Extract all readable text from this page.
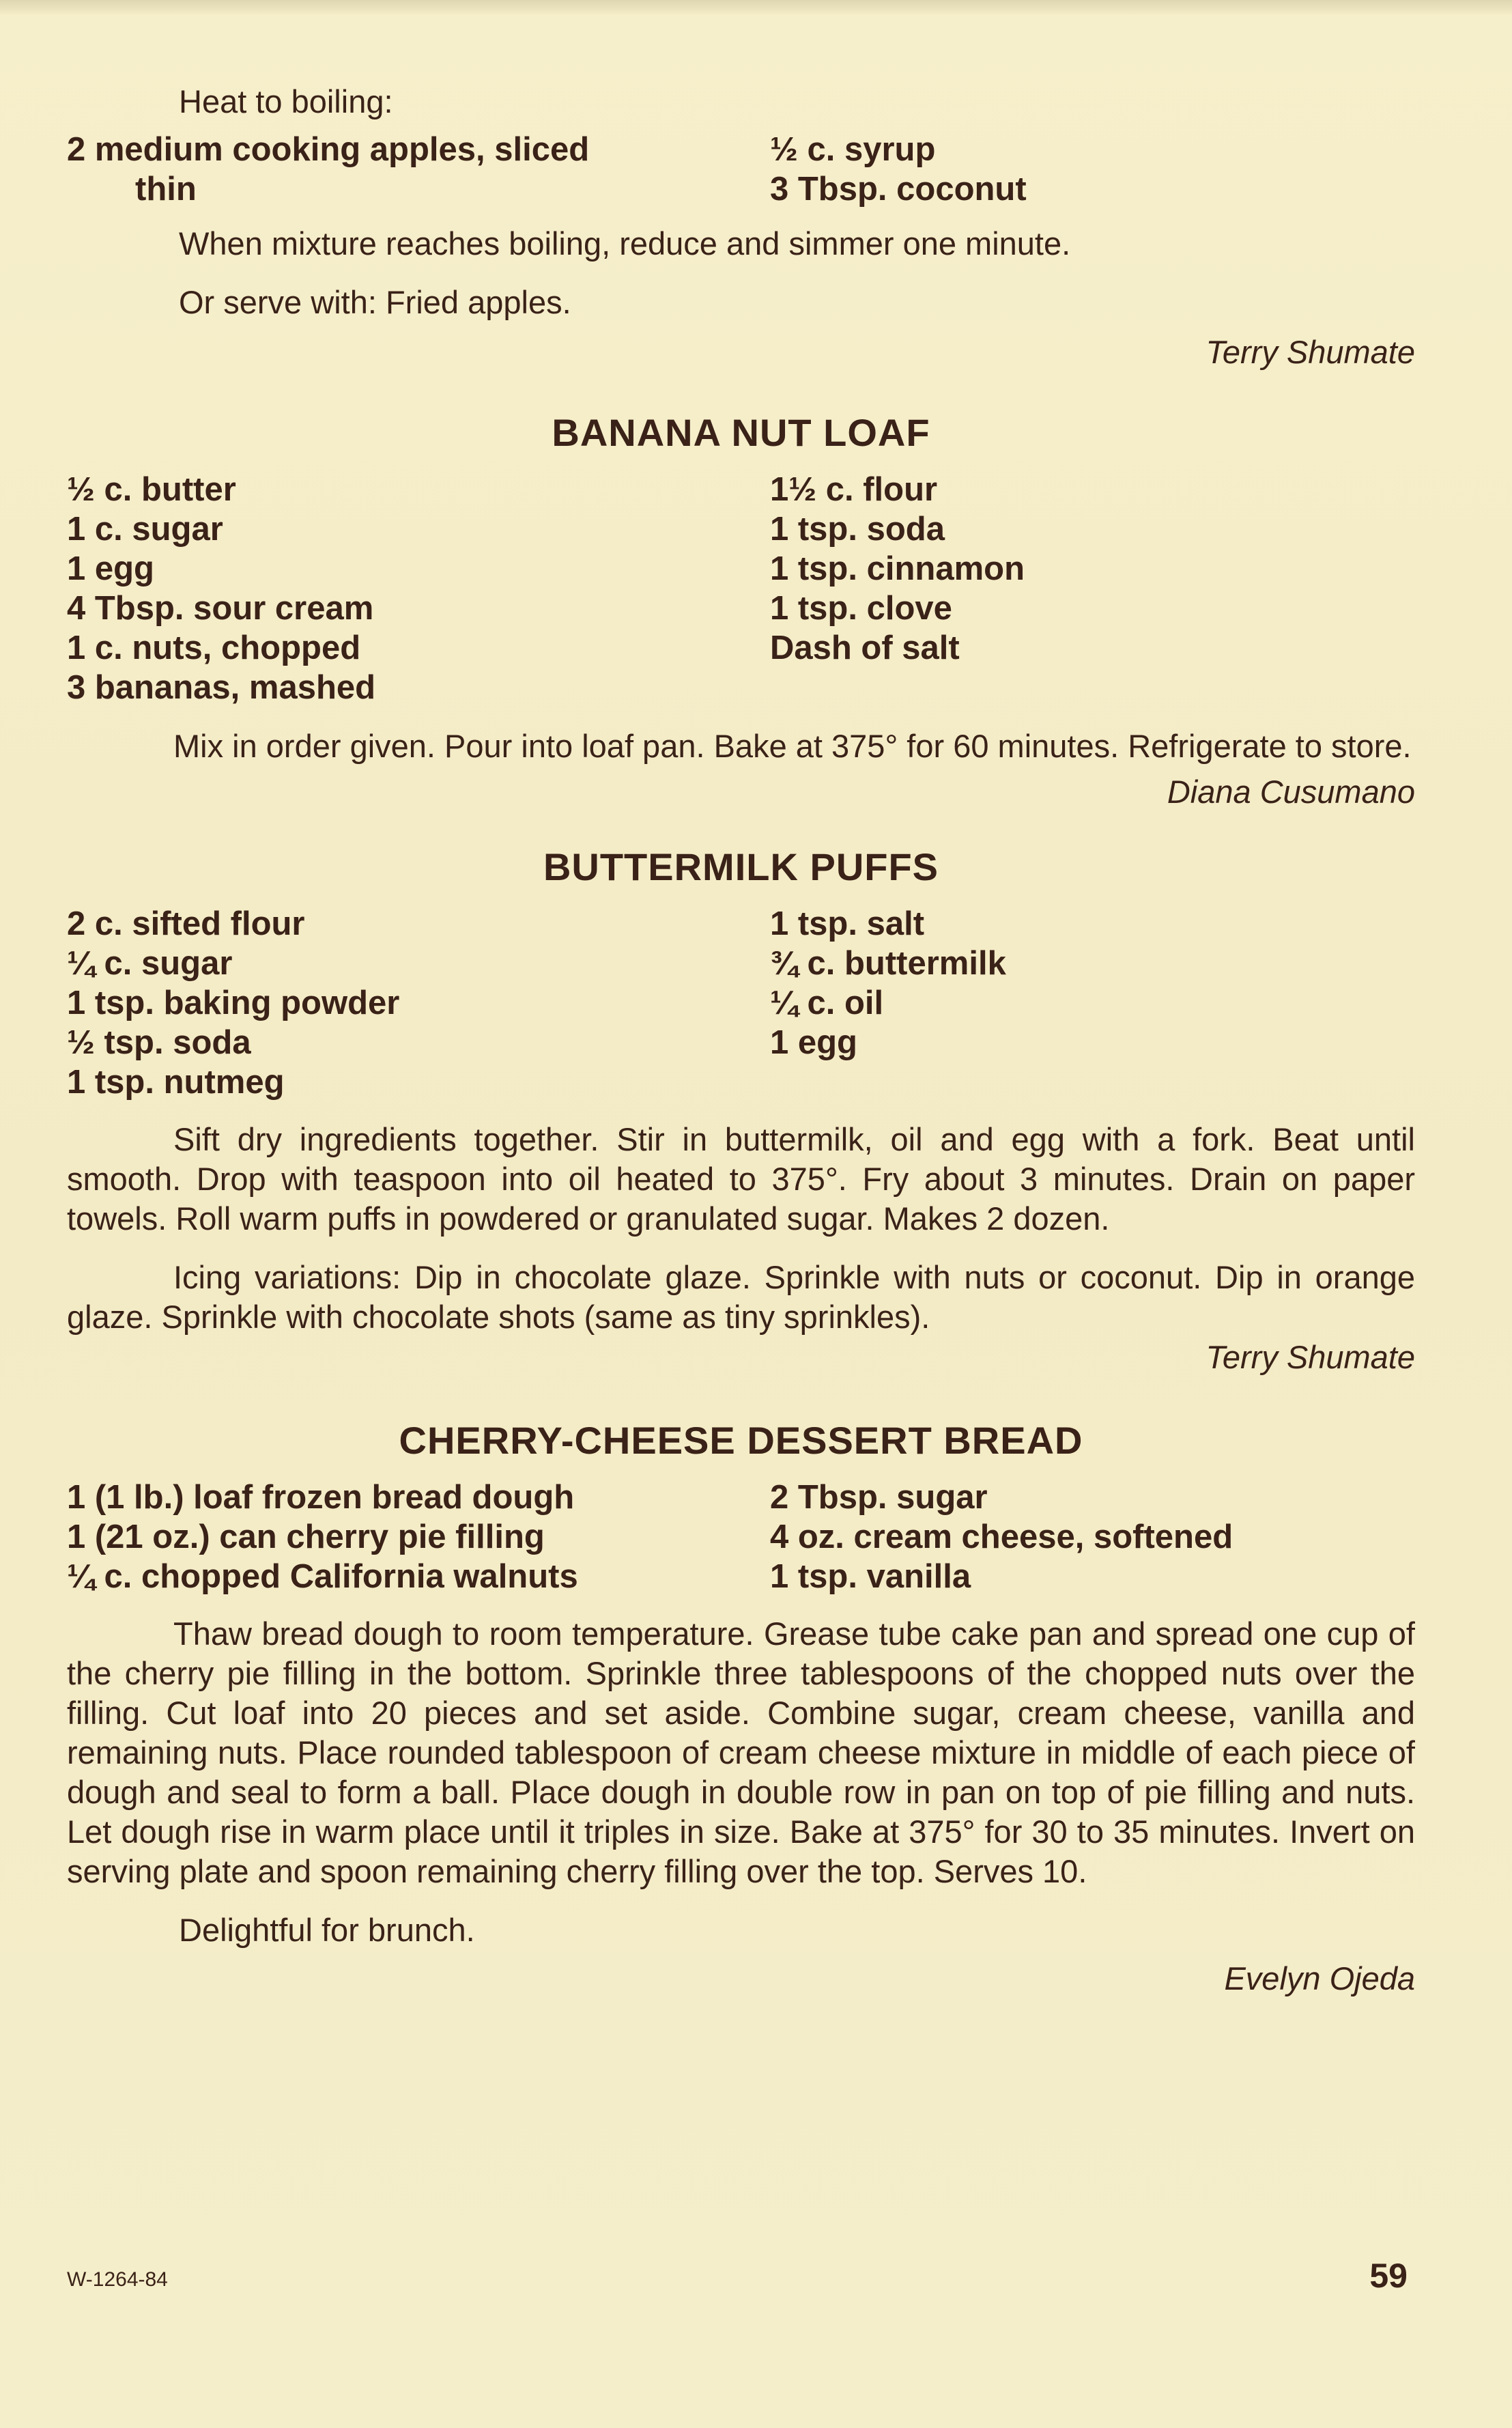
Heat to boiling:
2 medium cooking apples, sliced
thin
½ c. syrup
3 Tbsp. coconut
When mixture reaches boiling, reduce and simmer one minute.
Or serve with: Fried apples.
Terry Shumate
BANANA NUT LOAF
½ c. butter
1 c. sugar
1 egg
4 Tbsp. sour cream
1 c. nuts, chopped
3 bananas, mashed
1½ c. flour
1 tsp. soda
1 tsp. cinnamon
1 tsp. clove
Dash of salt

Mix in order given. Pour into loaf pan. Bake at 375° for 60 minutes. Refrigerate to store.

Diana Cusumano
BUTTERMILK PUFFS
2 c. sifted flour
¼ c. sugar
1 tsp. baking powder
½ tsp. soda
1 tsp. nutmeg
1 tsp. salt
¾ c. buttermilk
¼ c. oil
1 egg

Sift dry ingredients together. Stir in buttermilk, oil and egg with a fork. Beat until smooth. Drop with teaspoon into oil heated to 375°. Fry about 3 minutes. Drain on paper towels. Roll warm puffs in powdered or granulated sugar. Makes 2 dozen.

Icing variations: Dip in chocolate glaze. Sprinkle with nuts or coconut. Dip in orange glaze. Sprinkle with chocolate shots (same as tiny sprinkles).

Terry Shumate
CHERRY-CHEESE DESSERT BREAD
1 (1 lb.) loaf frozen bread dough
1 (21 oz.) can cherry pie filling
¼ c. chopped California walnuts
2 Tbsp. sugar
4 oz. cream cheese, softened
1 tsp. vanilla

Thaw bread dough to room temperature. Grease tube cake pan and spread one cup of the cherry pie filling in the bottom. Sprinkle three tablespoons of the chopped nuts over the filling. Cut loaf into 20 pieces and set aside. Combine sugar, cream cheese, vanilla and remaining nuts. Place rounded tablespoon of cream cheese mixture in middle of each piece of dough and seal to form a ball. Place dough in double row in pan on top of pie filling and nuts. Let dough rise in warm place until it triples in size. Bake at 375° for 30 to 35 minutes. Invert on serving plate and spoon remaining cherry filling over the top. Serves 10.

Delightful for brunch.
Evelyn Ojeda
W-1264-84	59
